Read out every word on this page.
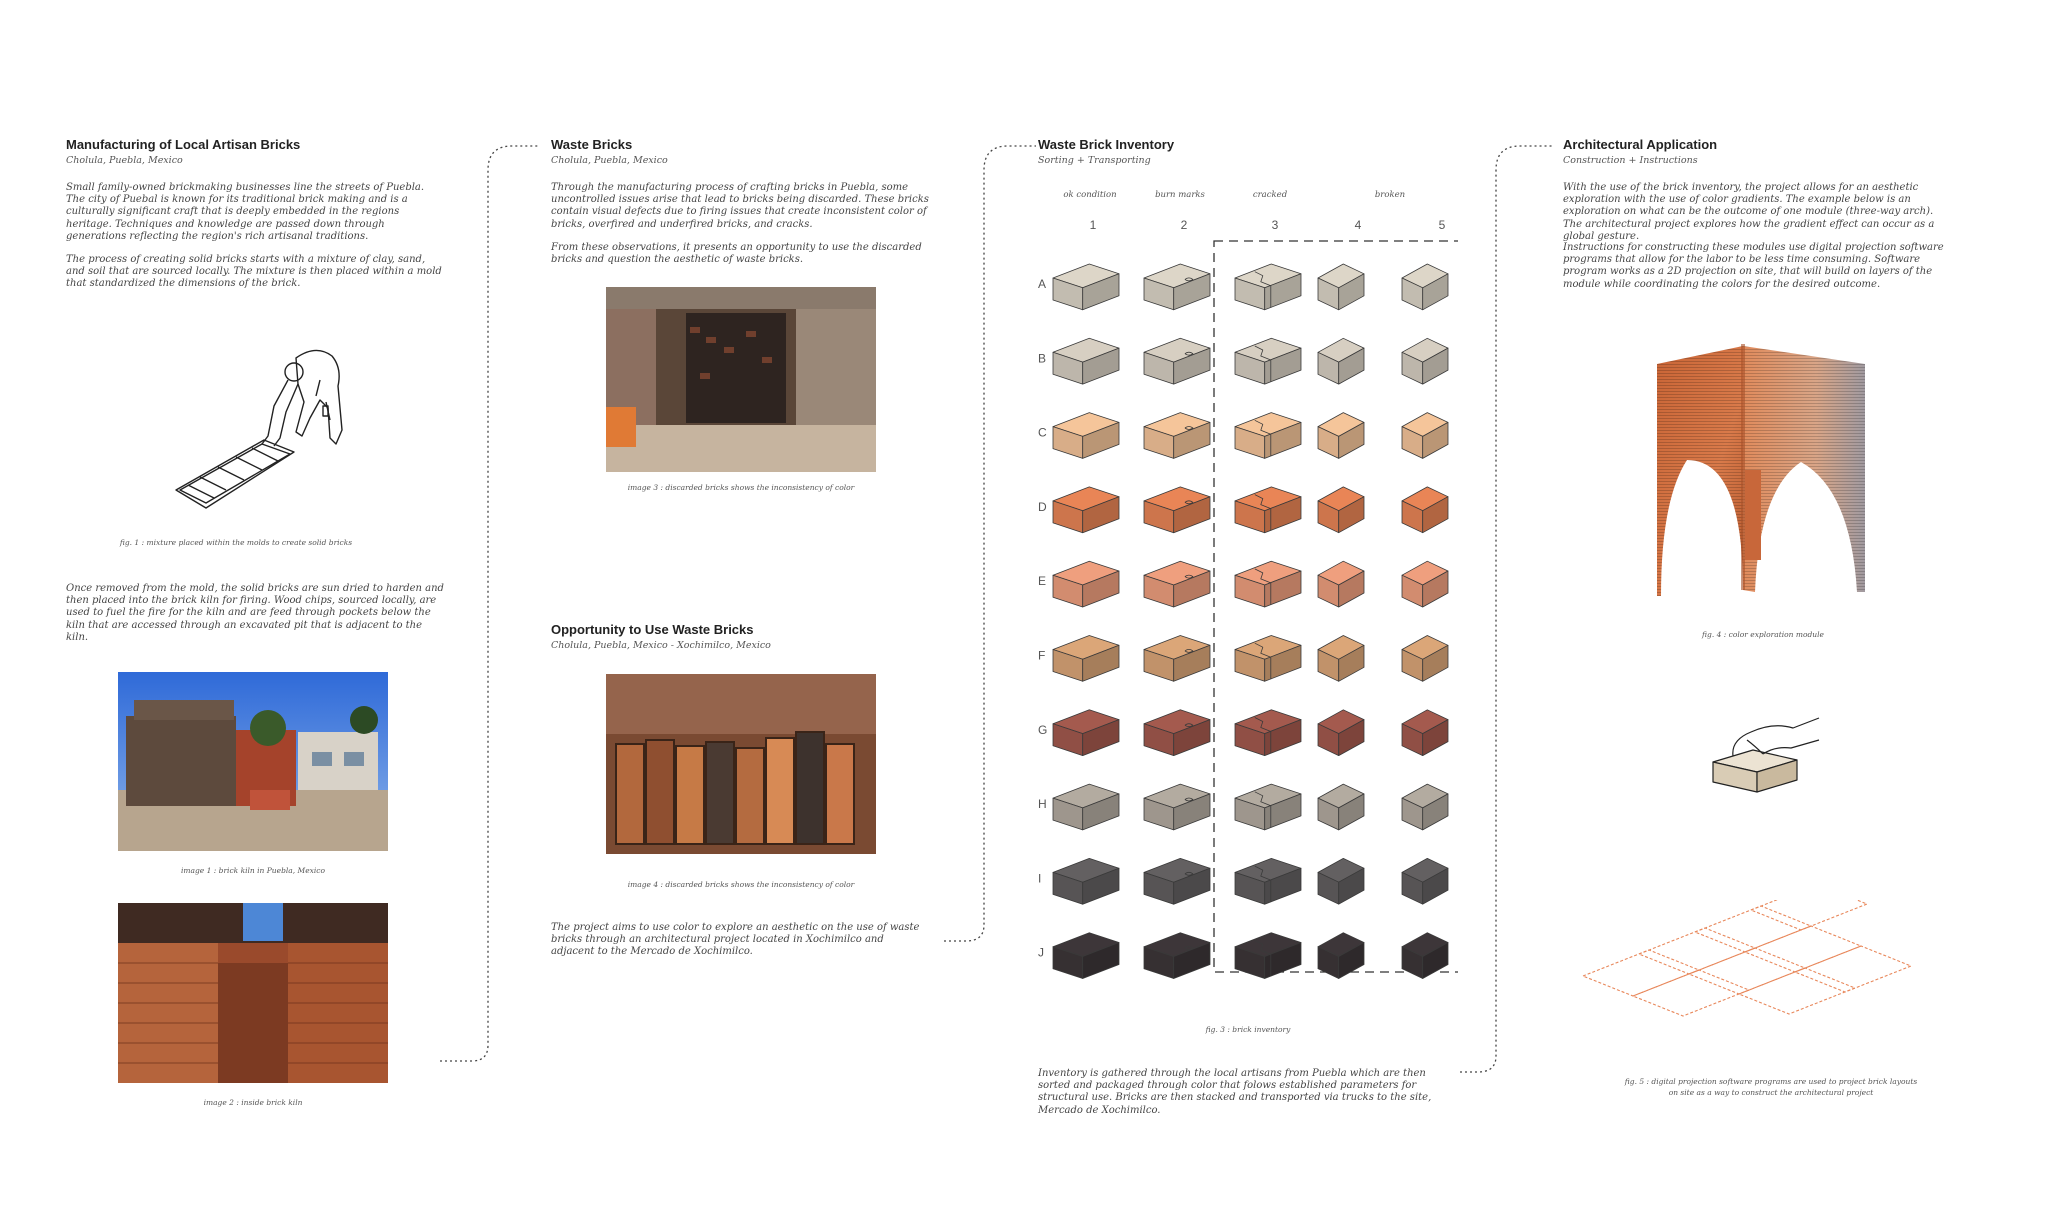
Manufacturing of Local Artisan Bricks
Cholula, Puebla, Mexico

Small family-owned brickmaking businesses line the streets of Puebla. The city of Puebal is known for its traditional brick making and is a culturally significant craft that is deeply embedded in the regions heritage. Techniques and knowledge are passed down through generations reflecting the region's rich artisanal traditions.

The process of creating solid bricks starts with a mixture of clay, sand, and soil that are sourced locally. The mixture is then placed within a mold that standardized the dimensions of the brick.

fig. 1 : mixture placed within the molds to create solid bricks

Once removed from the mold, the solid bricks are sun dried to harden and then placed into the brick kiln for firing. Wood chips, sourced locally, are used to fuel the fire for the kiln and are feed through pockets below the kiln that are accessed through an excavated pit that is adjacent to the kiln.

image 1 : brick kiln in Puebla, Mexico
image 2 : inside brick kiln
Waste Bricks
Cholula, Puebla, Mexico

Through the manufacturing process of crafting bricks in Puebla, some uncontrolled issues arise that lead to bricks being discarded. These bricks contain visual defects due to firing issues that create inconsistent color of bricks, overfired and underfired bricks, and cracks.

From these observations, it presents an opportunity to use the discarded bricks and question the aesthetic of waste bricks.

image 3 : discarded bricks shows the inconsistency of color
Opportunity to Use Waste Bricks
Cholula, Puebla, Mexico - Xochimilco, Mexico
image 4 : discarded bricks shows the inconsistency of color

The project aims to use color to explore an aesthetic on the use of waste bricks through an architectural project located in Xochimilco and adjacent to the Mercado de Xochimilco.

Waste Brick Inventory
Sorting + Transporting
ok condition	burn marks	cracked	broken
1	2	3	4	5
A
B
C
D
E
F
G
H
I
J
fig. 3 : brick inventory

Inventory is gathered through the local artisans from Puebla which are then sorted and packaged through color that folows established parameters for structural use. Bricks are then stacked and transported via trucks to the site, Mercado de Xochimilco.

Architectural Application
Construction + Instructions

With the use of the brick inventory, the project allows for an aesthetic exploration with the use of color gradients. The example below is an exploration on what can be the outcome of one module (three-way arch). The architectural project explores how the gradient effect can occur as a global gesture.

Instructions for constructing these modules use digital projection software programs that allow for the labor to be less time consuming. Software program works as a 2D projection on site, that will build on layers of the module while coordinating the colors for the desired outcome.

fig. 4 : color exploration module
fig. 5 : digital projection software programs are used to project brick layouts on site as a way to construct the architectural project
